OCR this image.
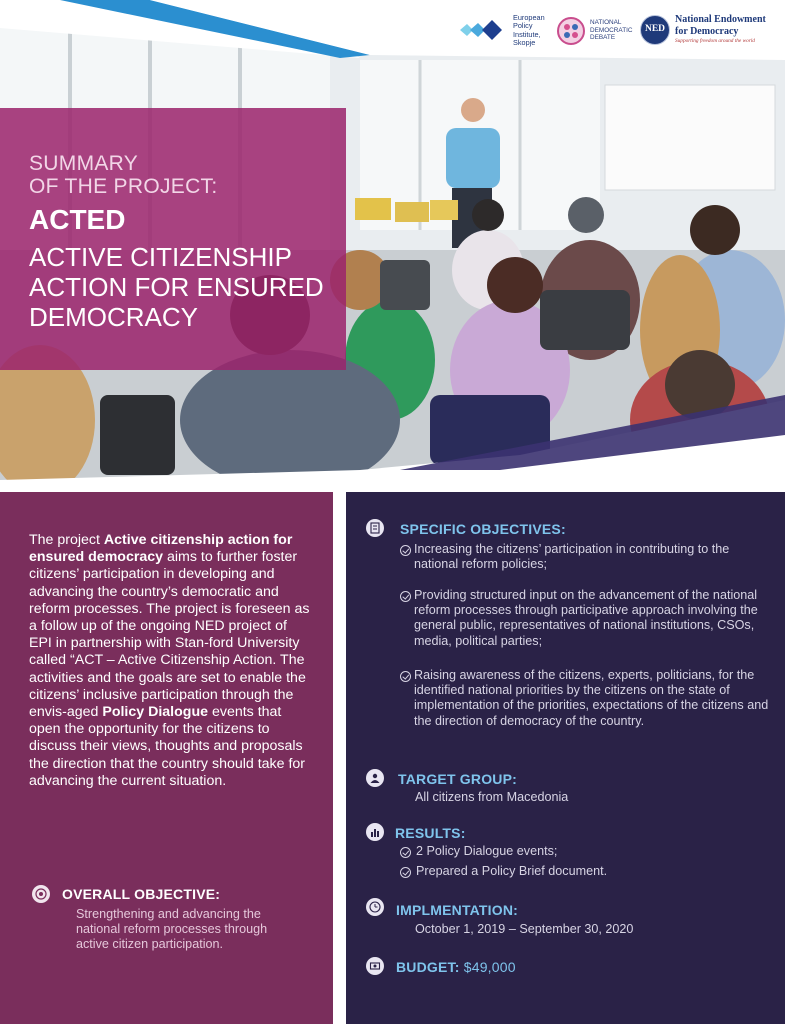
European
Policy
Institute,
Skopje
NATIONAL
DEMOCRATIC
DEBATE
NED
National Endowment
for Democracy
Supporting freedom around the world
SUMMARY
OF THE PROJECT:
ACTED
ACTIVE CITIZENSHIP
ACTION FOR ENSURED
DEMOCRACY
The project Active citizenship action for ensured democracy aims to further foster citizens’ participation in developing and advancing the country’s democratic and reform processes. The project is foreseen as a follow up of the ongoing NED project of EPI in partnership with Stan-ford University called “ACT – Active Citizenship Action. The activities and the goals are set to enable the citizens’ inclusive participation through the envis-aged Policy Dialogue events that open the opportunity for the citizens to discuss their views, thoughts and proposals the direction that the country should take for advancing the current situation.
OVERALL OBJECTIVE:
Strengthening and advancing the national reform processes through active citizen participation.
SPECIFIC OBJECTIVES:
Increasing the citizens’ participation in contributing to the national reform policies;
Providing structured input on the advancement of the national reform processes through participative approach involving the general public, representatives of national institutions, CSOs, media, political parties;
Raising awareness of the citizens, experts, politicians, for the identified national priorities by the citizens on the state of implementation of the priorities, expectations of the citizens and the direction of democracy of the country.
TARGET GROUP:
All citizens from Macedonia
RESULTS:
2 Policy Dialogue events;
Prepared a Policy Brief document.
IMPLMENTATION:
October 1, 2019 – September 30, 2020
BUDGET: $49,000
